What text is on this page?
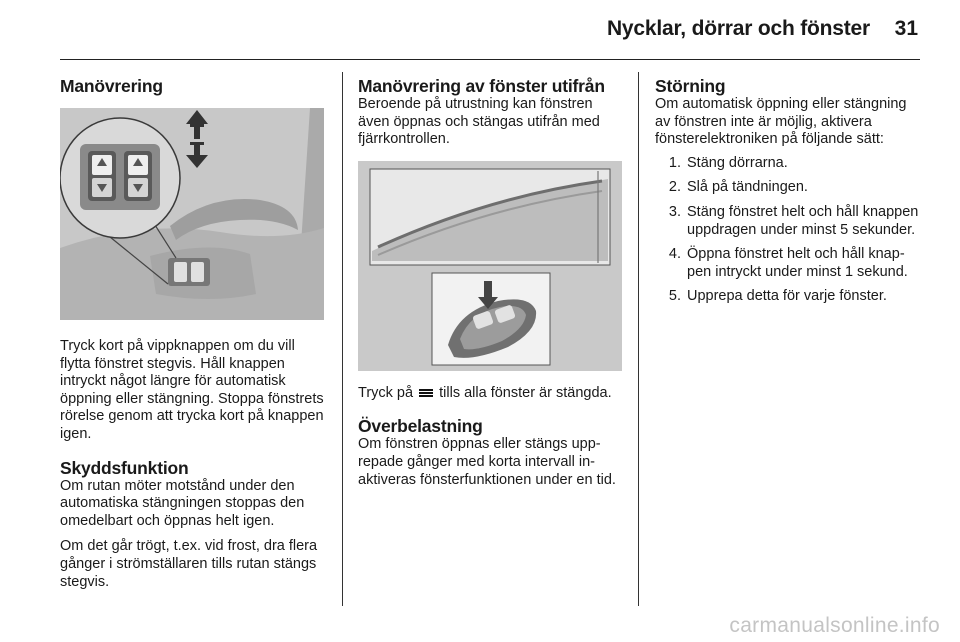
Nycklar, dörrar och fönster	31
Manövrering

Tryck kort på vippknappen om du vill flytta fönstret stegvis. Håll knappen intryckt något längre för automatisk öppning eller stängning. Stoppa fönstrets rörelse genom att trycka kort på knappen igen.

Skyddsfunktion

Om rutan möter motstånd under den automatiska stängningen stoppas den omedelbart och öppnas helt igen.

Om det går trögt, t.ex. vid frost, dra flera gånger i strömställaren tills rutan stängs stegvis.

Manövrering av fönster utifrån

Beroende på utrustning kan fönstren även öppnas och stängas utifrån med fjärrkontrollen.

Tryck på tills alla fönster är stängda.

Överbelastning

Om fönstren öppnas eller stängs upprepade gånger med korta intervall inaktiveras fönsterfunktionen under en tid.

Störning

Om automatisk öppning eller stängning av fönstren inte är möjlig, aktivera fönsterelektroniken på följande sätt:

1. Stäng dörrarna.
2. Slå på tändningen.
3. Stäng fönstret helt och håll knappen uppdragen under minst 5 sekunder.
4. Öppna fönstret helt och håll knappen intryckt under minst 1 sekund.
5. Upprepa detta för varje fönster.
carmanualsonline.info
